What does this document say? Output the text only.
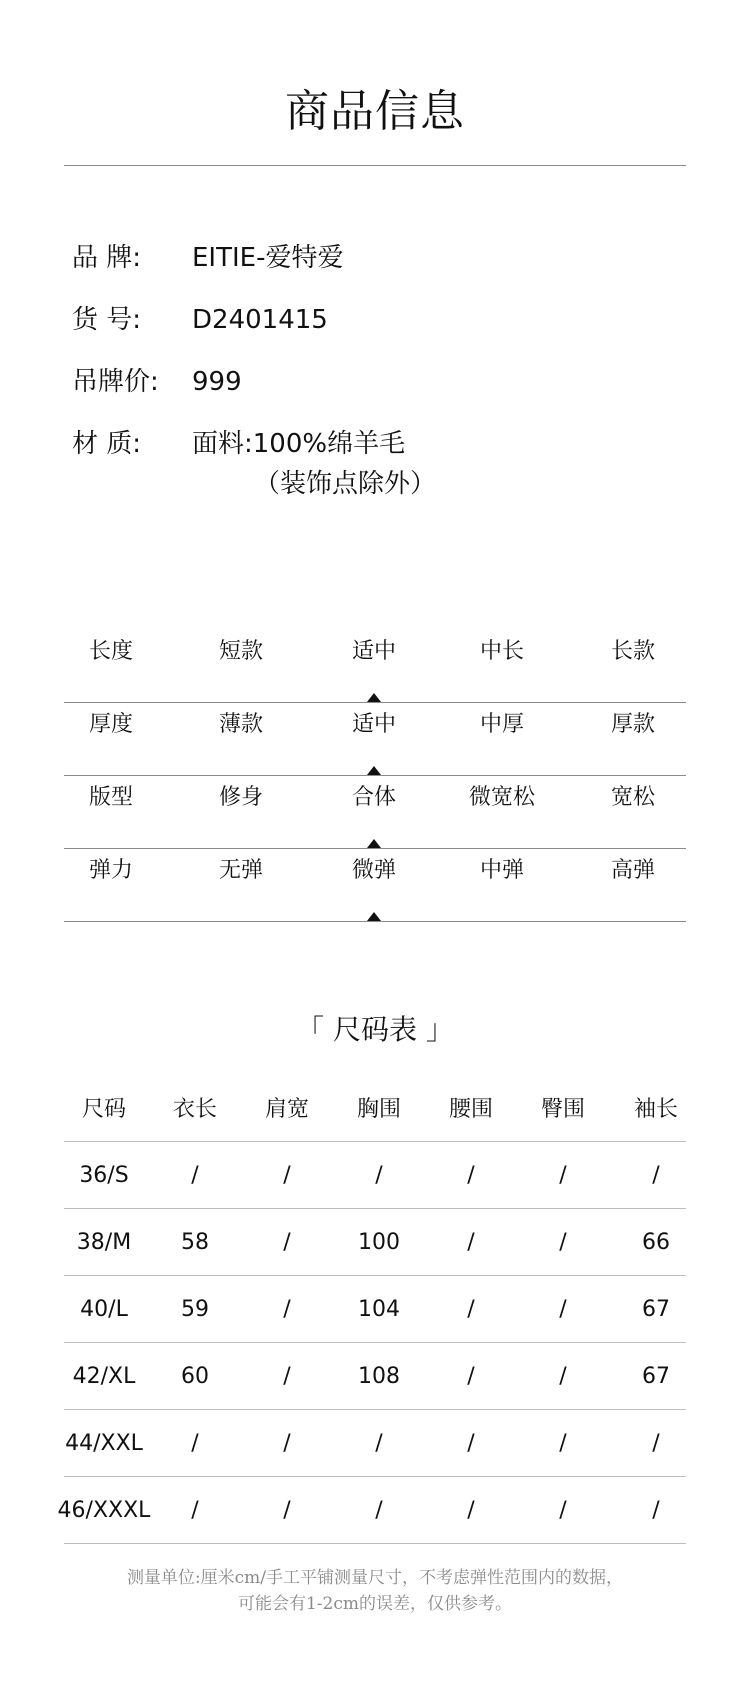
商品信息
品 牌: EITIE-爱特爱
货 号: D2401415
吊牌价: 999
材 质: 面料:100%绵羊毛
（装饰点除外）
长度	短款	适中	中长	长款
厚度	薄款	适中	中厚	厚款
版型	修身	合体	微宽松	宽松
弹力	无弹	微弹	中弹	高弹
「 尺码表 」
尺码	衣长	肩宽	胸围	腰围	臀围	袖长
36/S	/	/	/	/	/	/
38/M	58	/	100	/	/	66
40/L	59	/	104	/	/	67
42/XL	60	/	108	/	/	67
44/XXL	/	/	/	/	/	/
46/XXXL	/	/	/	/	/	/
测量单位:厘米cm/手工平铺测量尺寸，不考虑弹性范围内的数据，
可能会有1-2cm的误差，仅供参考。
